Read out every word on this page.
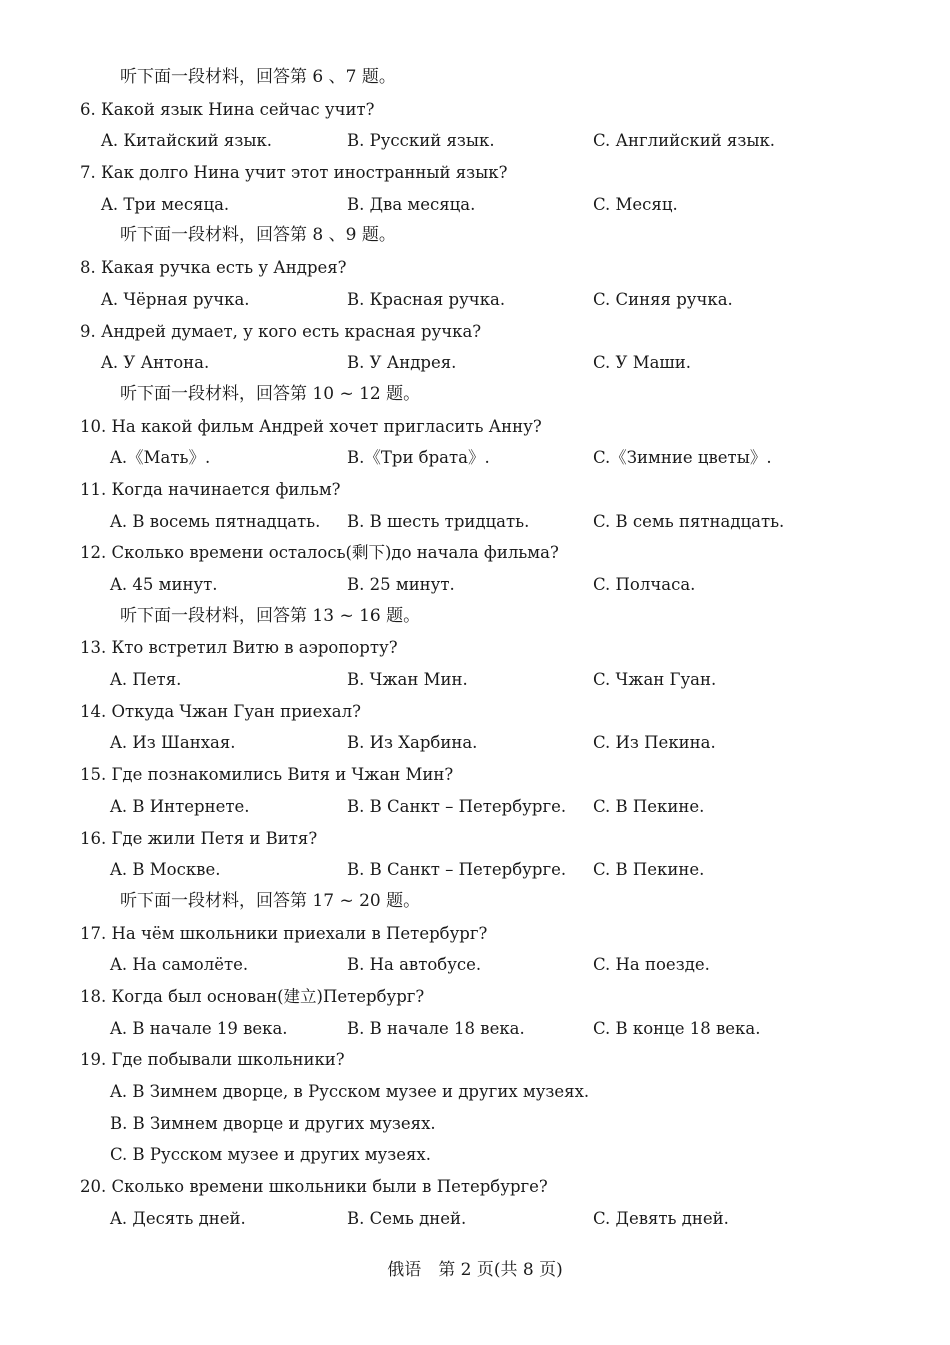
听下面一段材料，回答第 6 、7 题。
6. Какой язык Нина сейчас учит?
A. Китайский язык.	B. Русский язык.	C. Английский язык.
7. Как долго Нина учит этот иностранный язык?
A. Три месяца.	B. Два месяца.	C. Месяц.
听下面一段材料，回答第 8 、9 题。
8. Какая ручка есть у Андрея?
A. Чёрная ручка.	B. Красная ручка.	C. Синяя ручка.
9. Андрей думает, у кого есть красная ручка?
A. У Антона.	B. У Андрея.	C. У Маши.
听下面一段材料，回答第 10 ~ 12 题。
10. На какой фильм Андрей хочет пригласить Анну?
A.《Мать》.	B.《Три брата》.	C.《Зимние цветы》.
11. Когда начинается фильм?
A. В восемь пятнадцать. B. В шесть тридцать.	C. В семь пятнадцать.
12. Сколько времени осталось(剩下)до начала фильма?
A. 45 минут.	B. 25 минут.	C. Полчаса.
听下面一段材料，回答第 13 ~ 16 题。
13. Кто встретил Витю в аэропорту?
A. Петя.	B. Чжан Мин.	C. Чжан Гуан.
14. Откуда Чжан Гуан приехал?
A. Из Шанхая.	B. Из Харбина.	C. Из Пекина.
15. Где познакомились Витя и Чжан Мин?
A. В Интернете.	B. В Санкт – Петербурге. C. В Пекине.
16. Где жили Петя и Витя?
A. В Москве.	B. В Санкт – Петербурге. C. В Пекине.
听下面一段材料，回答第 17 ~ 20 题。
17. На чём школьники приехали в Петербург?
A. На самолёте.	B. На автобусе.	C. На поезде.
18. Когда был основан(建立)Петербург?
A. В начале 19 века.	B. В начале 18 века.	C. В конце 18 века.
19. Где побывали школьники?
A. В Зимнем дворце, в Русском музее и других музеях.
B. В Зимнем дворце и других музеях.
C. В Русском музее и других музеях.
20. Сколько времени школьники были в Петербурге?
A. Десять дней.	B. Семь дней.	C. Девять дней.
俄语　第 2 页(共 8 页)
